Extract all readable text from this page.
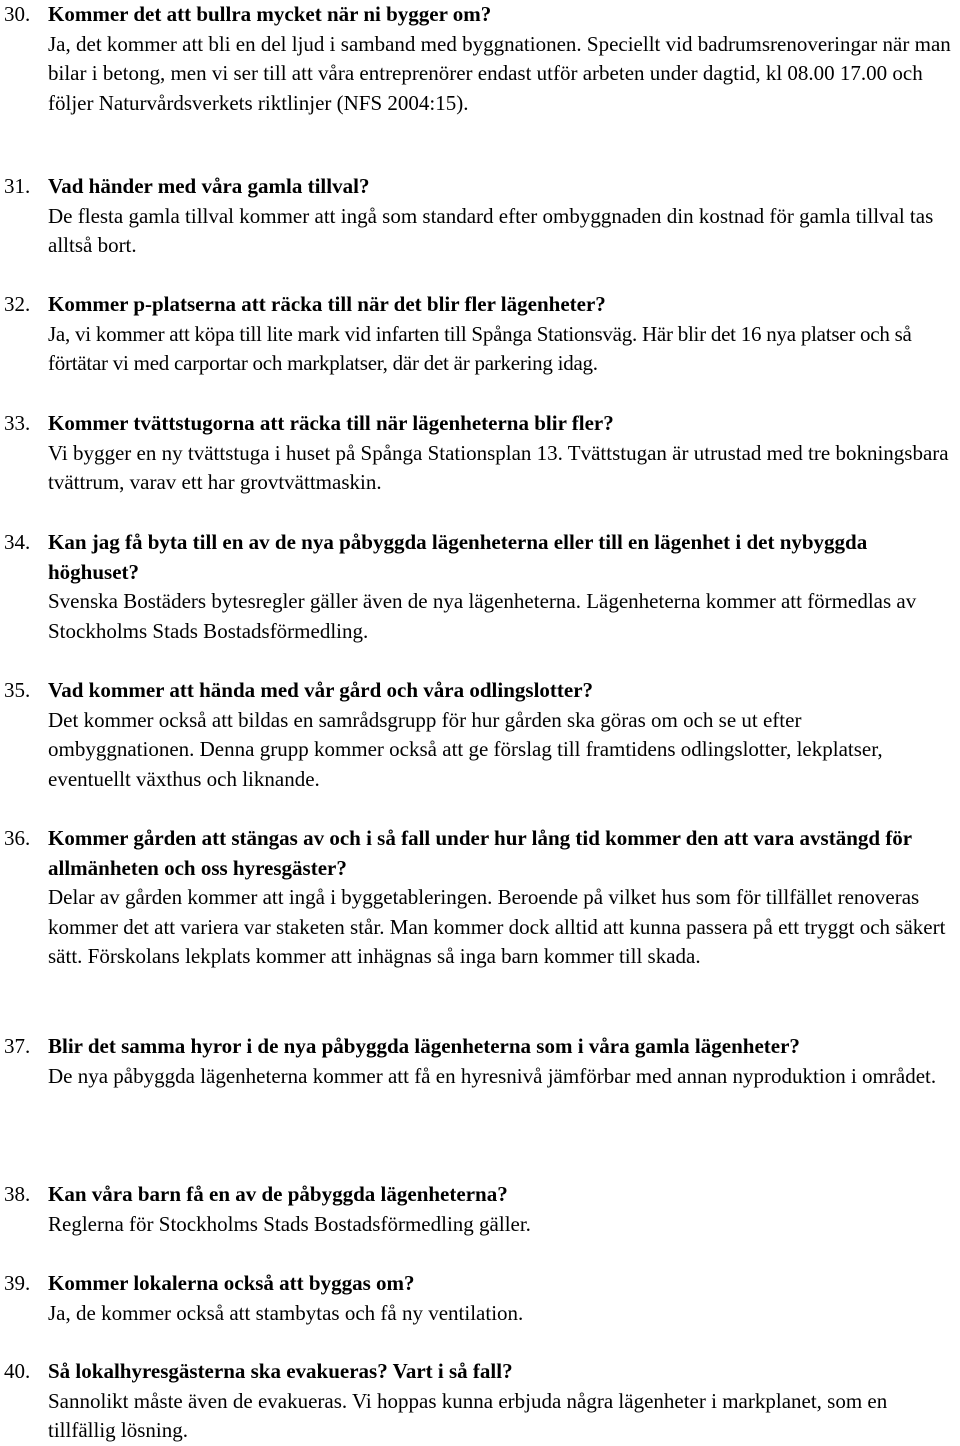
30. Kommer det att bullra mycket när ni bygger om?
Ja, det kommer att bli en del ljud i samband med byggnationen. Speciellt vid badrumsrenoveringar när man bilar i betong, men vi ser till att våra entreprenörer endast utför arbeten under dagtid, kl 08.00 17.00 och följer Naturvårdsverkets riktlinjer (NFS 2004:15).
31. Vad händer med våra gamla tillval?
De flesta gamla tillval kommer att ingå som standard efter ombyggnaden din kostnad för gamla tillval tas alltså bort.
32. Kommer p-platserna att räcka till när det blir fler lägenheter?
Ja, vi kommer att köpa till lite mark vid infarten till Spånga Stationsväg. Här blir det 16 nya platser och så förtätar vi med carportar och markplatser, där det är parkering idag.
33. Kommer tvättstugorna att räcka till när lägenheterna blir fler?
Vi bygger en ny tvättstuga i huset på Spånga Stationsplan 13. Tvättstugan är utrustad med tre bokningsbara tvättrum, varav ett har grovtvättmaskin.
34. Kan jag få byta till en av de nya påbyggda lägenheterna eller till en lägenhet i det nybyggda höghuset?
Svenska Bostäders bytesregler gäller även de nya lägenheterna. Lägenheterna kommer att förmedlas av Stockholms Stads Bostadsförmedling.
35. Vad kommer att hända med vår gård och våra odlingslotter?
Det kommer också att bildas en samrådsgrupp för hur gården ska göras om och se ut efter ombyggnationen. Denna grupp kommer också att ge förslag till framtidens odlingslotter, lekplatser, eventuellt växthus och liknande.
36. Kommer gården att stängas av och i så fall under hur lång tid kommer den att vara avstängd för allmänheten och oss hyresgäster?
Delar av gården kommer att ingå i byggetableringen. Beroende på vilket hus som för tillfället renoveras kommer det att variera var staketen står. Man kommer dock alltid att kunna passera på ett tryggt och säkert sätt. Förskolans lekplats kommer att inhägnas så inga barn kommer till skada.
37. Blir det samma hyror i de nya påbyggda lägenheterna som i våra gamla lägenheter?
De nya påbyggda lägenheterna kommer att få en hyresnivå jämförbar med annan nyproduktion i området.
38. Kan våra barn få en av de påbyggda lägenheterna?
Reglerna för Stockholms Stads Bostadsförmedling gäller.
39. Kommer lokalerna också att byggas om?
Ja, de kommer också att stambytas och få ny ventilation.
40. Så lokalhyresgästerna ska evakueras? Vart i så fall?
Sannolikt måste även de evakueras. Vi hoppas kunna erbjuda några lägenheter i markplanet, som en tillfällig lösning.
